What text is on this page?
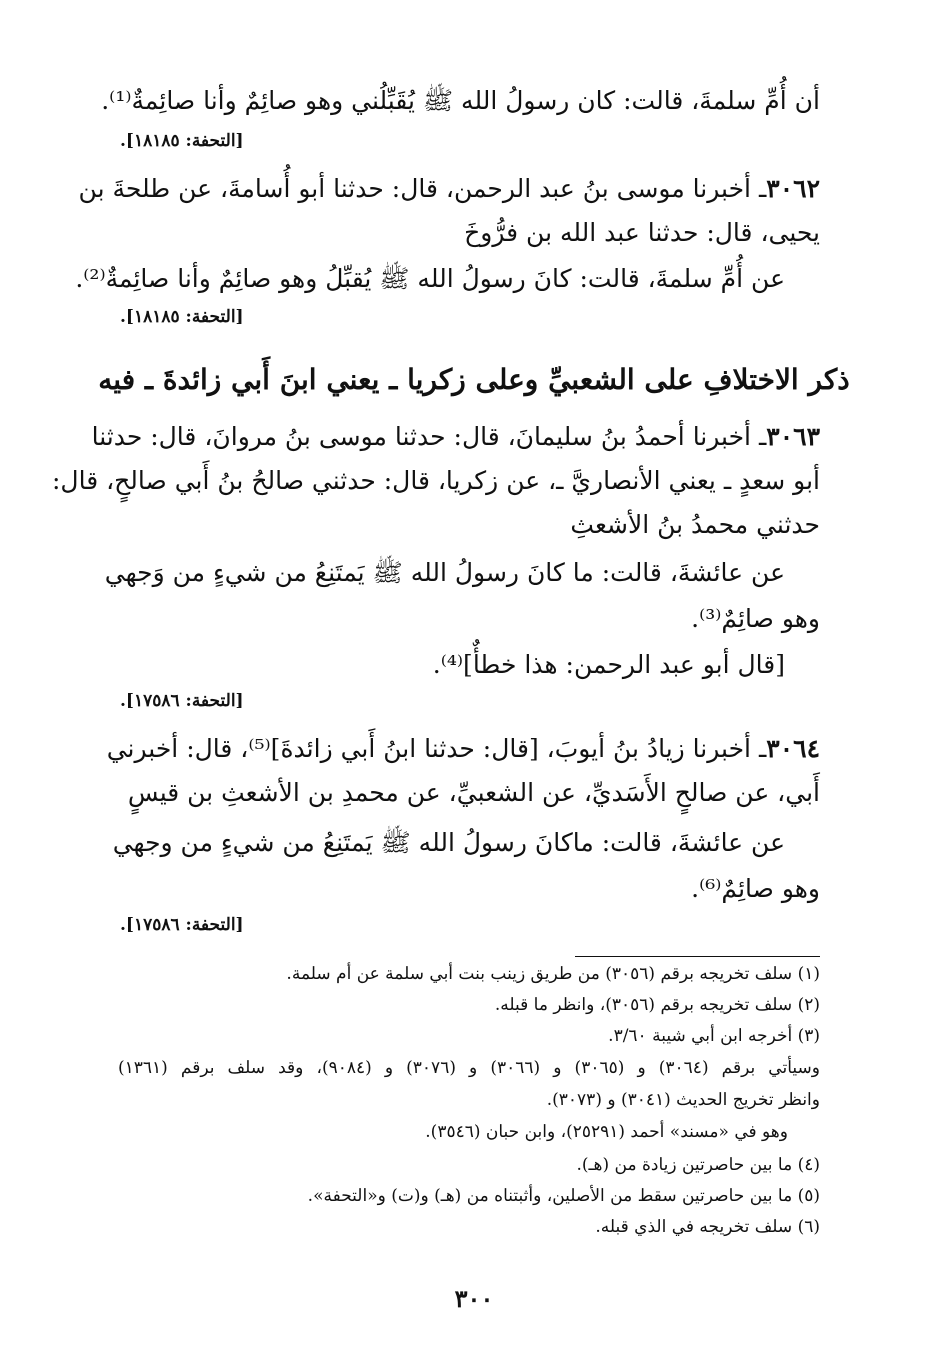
أن أُمِّ سلمةَ، قالت: كان رسولُ الله ﷺ يُقَبِّلُني وهو صائِمٌ وأنا صائِمةٌ⁽¹⁾.
[التحفة: ١٨١٨٥].
٣٠٦٢ـ أخبرنا موسى بنُ عبد الرحمن، قال: حدثنا أبو أُسامةَ، عن طلحةَ بن
يحيى، قال: حدثنا عبد الله بن فرُّوخَ
عن أُمِّ سلمةَ، قالت: كانَ رسولُ الله ﷺ يُقبِّلُ وهو صائِمٌ وأنا صائِمةٌ⁽²⁾.
[التحفة: ١٨١٨٥].
ذكر الاختلافِ على الشعبيِّ وعلى زكريا ـ يعني ابنَ أَبي زائدةَ ـ فيه
٣٠٦٣ـ أخبرنا أحمدُ بنُ سليمانَ، قال: حدثنا موسى بنُ مروانَ، قال: حدثنا
أبو سعدٍ ـ يعني الأنصاريَّ ـ، عن زكريا، قال: حدثني صالحُ بنُ أَبي صالحٍ، قال:
حدثني محمدُ بنُ الأشعثِ
عن عائشةَ، قالت: ما كانَ رسولُ الله ﷺ يَمتَنِعُ من شيءٍ من وَجهي
وهو صائِمٌ⁽³⁾.
[قال أبو عبد الرحمن: هذا خطأٌ]⁽⁴⁾.
[التحفة: ١٧٥٨٦].
٣٠٦٤ـ أخبرنا زيادُ بنُ أيوبَ، [قال: حدثنا ابنُ أَبي زائدةَ]⁽⁵⁾، قال: أخبرني
أَبي، عن صالحٍ الأَسَديِّ، عن الشعبيِّ، عن محمدِ بن الأشعثِ بن قيسٍ
عن عائشةَ، قالت: ماكانَ رسولُ الله ﷺ يَمتَنِعُ من شيءٍ من وجهي
وهو صائِمٌ⁽⁶⁾.
[التحفة: ١٧٥٨٦].
(١) سلف تخريجه برقم (٣٠٥٦) من طريق زينب بنت أبي سلمة عن أم سلمة.
(٢) سلف تخريجه برقم (٣٠٥٦)، وانظر ما قبله.
(٣) أخرجه ابن أبي شيبة ٣/٦٠.
وسيأتي برقم (٣٠٦٤) و (٣٠٦٥) و (٣٠٦٦) و (٣٠٧٦) و (٩٠٨٤)، وقد سلف برقم (١٣٦١)
وانظر تخريج الحديث (٣٠٤١) و (٣٠٧٣).
وهو في «مسند» أحمد (٢٥٢٩١)، وابن حبان (٣٥٤٦).
(٤) ما بين حاصرتين زيادة من (هـ).
(٥) ما بين حاصرتين سقط من الأصلين، وأثبتناه من (هـ) و(ت) و«التحفة».
(٦) سلف تخريجه في الذي قبله.
٣٠٠
